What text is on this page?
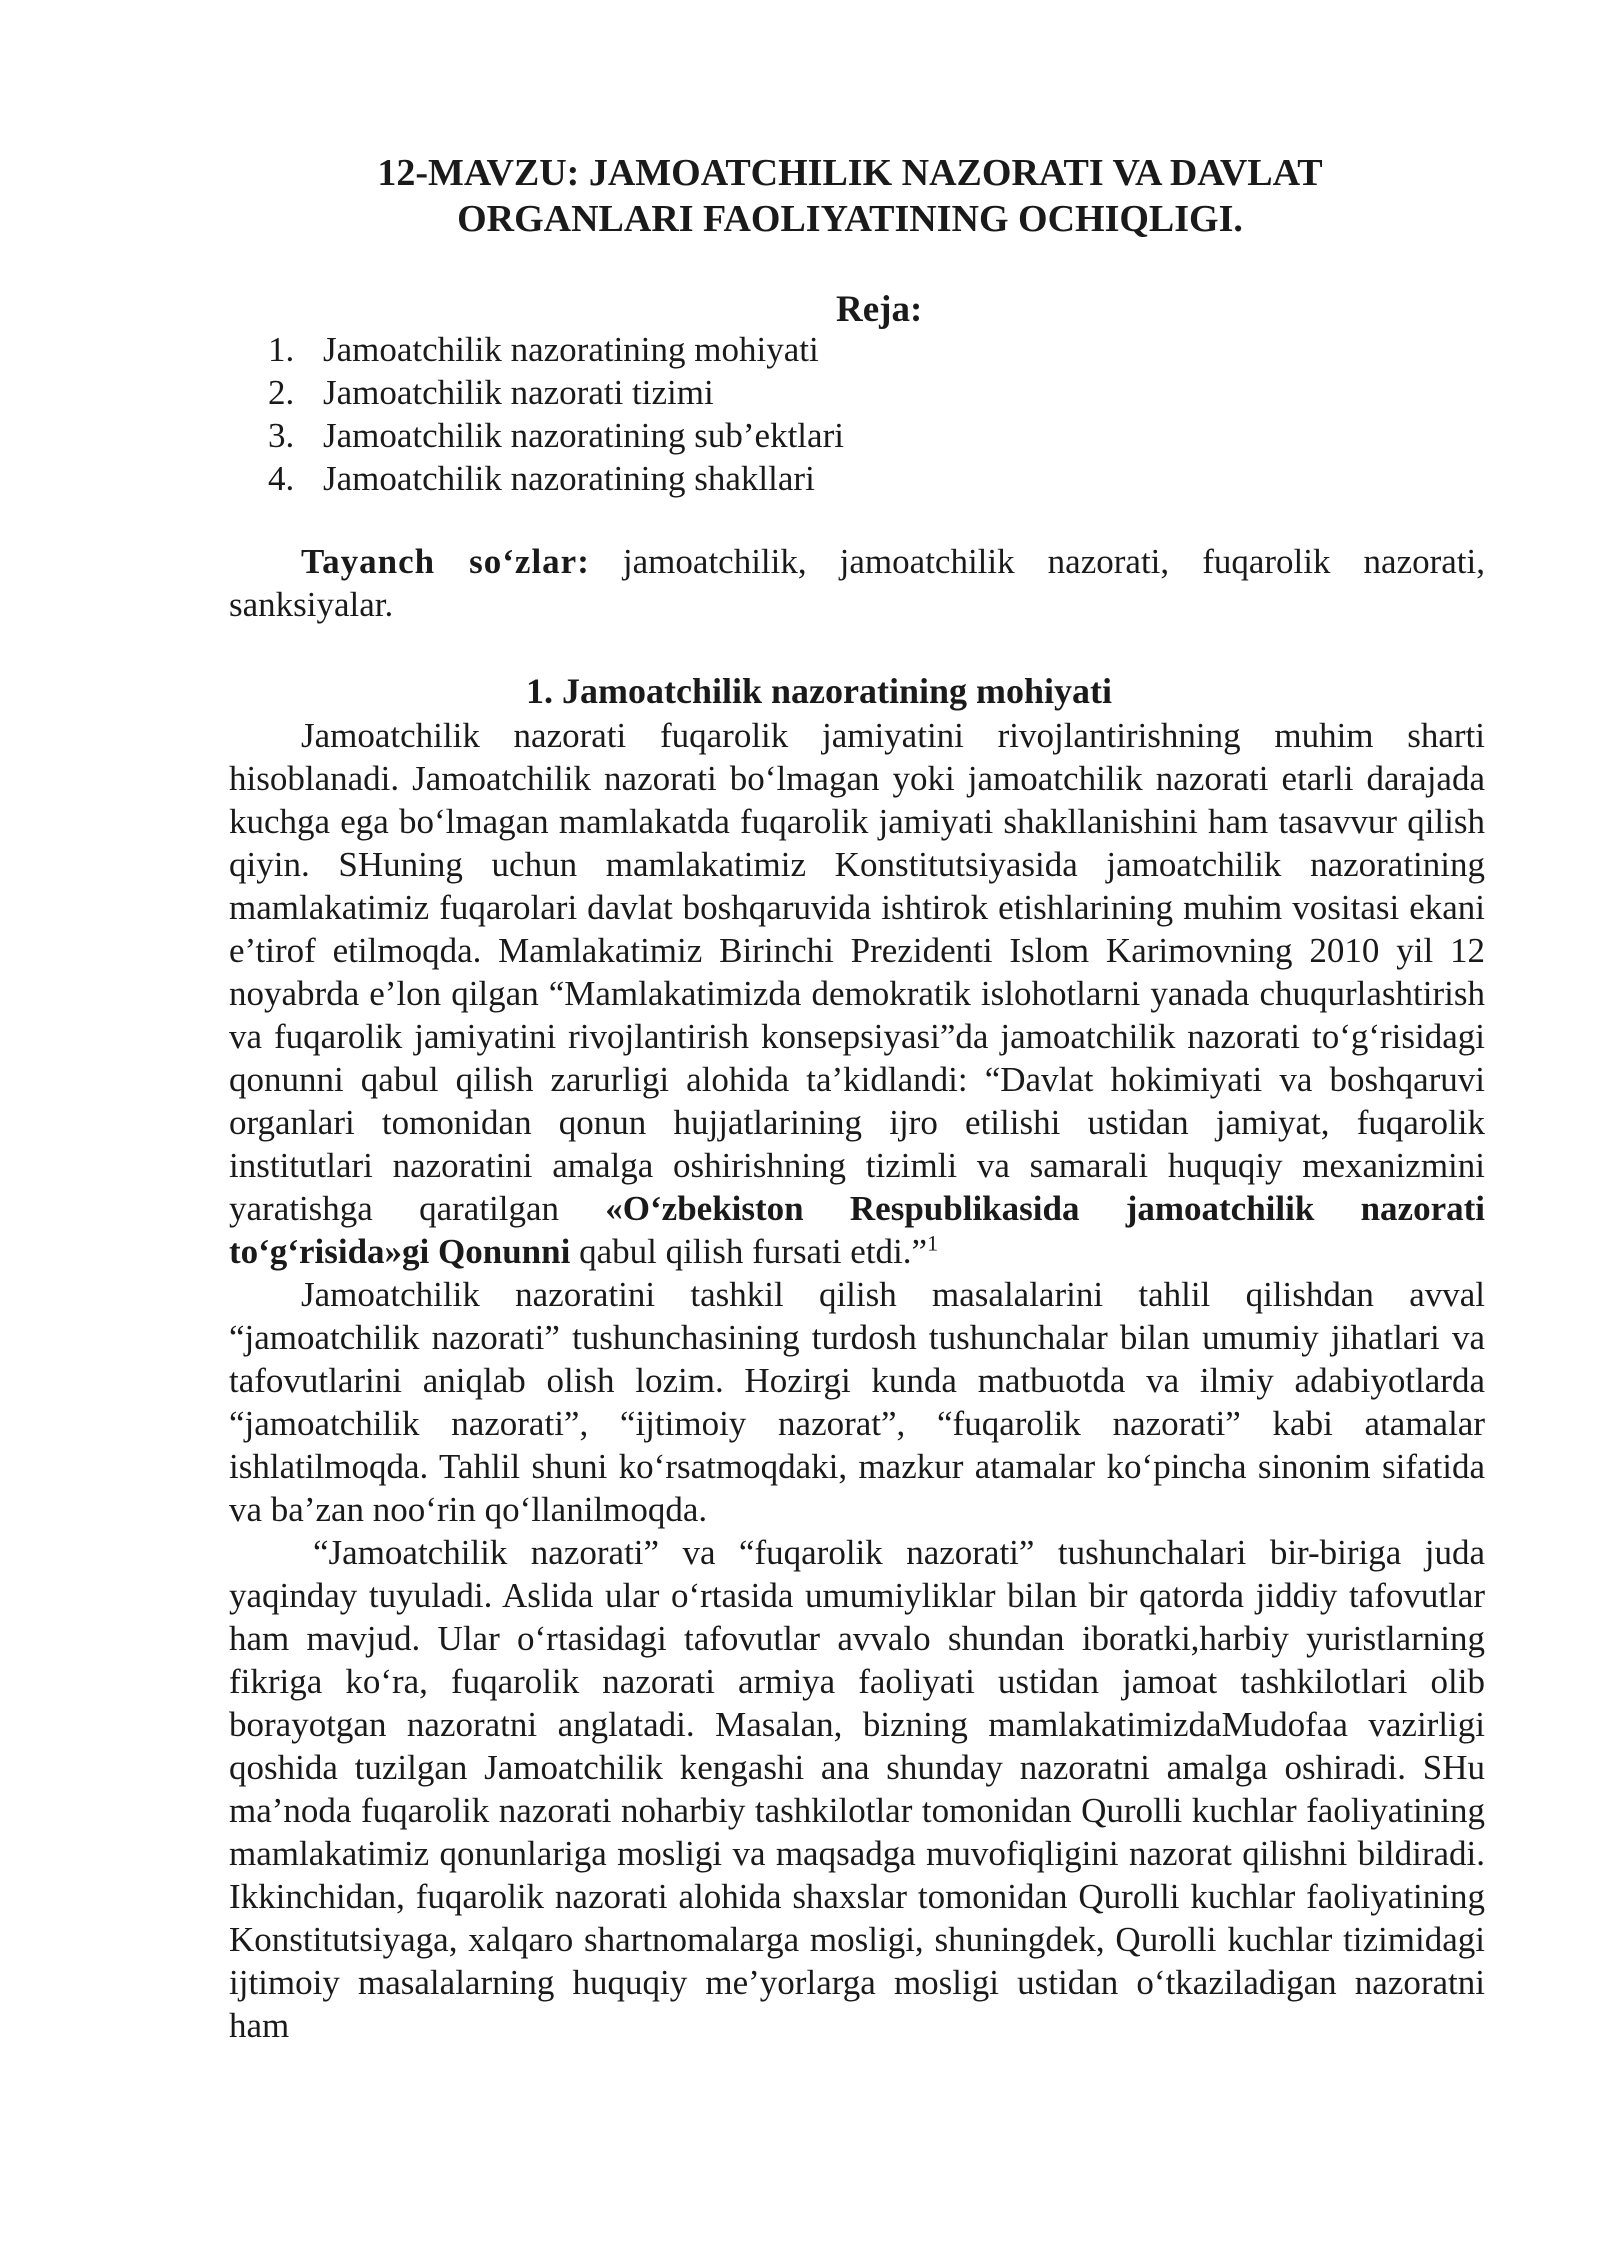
12-MAVZU: JAMOATCHILIK NAZORATI VA DAVLAT
ORGANLARI FAOLIYATINING OCHIQLIGI.
Reja:
1. Jamoatchilik nazoratining mohiyati
2. Jamoatchilik nazorati tizimi
3. Jamoatchilik nazoratining sub’ektlari
4. Jamoatchilik nazoratining shakllari

Tayanch so‘zlar: jamoatchilik, jamoatchilik nazorati, fuqarolik nazorati, sanksiyalar.

1. Jamoatchilik nazoratining mohiyati

Jamoatchilik nazorati fuqarolik jamiyatini rivojlantirishning muhim sharti hisoblanadi. Jamoatchilik nazorati bo‘lmagan yoki jamoatchilik nazorati etarli darajada kuchga ega bo‘lmagan mamlakatda fuqarolik jamiyati shakllanishini ham tasavvur qilish qiyin. SHuning uchun mamlakatimiz Konstitutsiyasida jamoatchilik nazoratining mamlakatimiz fuqarolari davlat boshqaruvida ishtirok etishlarining muhim vositasi ekani e’tirof etilmoqda. Mamlakatimiz Birinchi Prezidenti Islom Karimovning 2010 yil 12 noyabrda e’lon qilgan “Mamlakatimizda demokratik islohotlarni yanada chuqurlashtirish va fuqarolik jamiyatini rivojlantirish konsepsiyasi”da jamoatchilik nazorati to‘g‘risidagi qonunni qabul qilish zarurligi alohida ta’kidlandi: “Davlat hokimiyati va boshqaruvi organlari tomonidan qonun hujjatlarining ijro etilishi ustidan jamiyat, fuqarolik institutlari nazoratini amalga oshirishning tizimli va samarali huquqiy mexanizmini yaratishga qaratilgan «O‘zbekiston Respublikasida jamoatchilik nazorati to‘g‘risida»gi Qonunni qabul qilish fursati etdi.”$^1$

Jamoatchilik nazoratini tashkil qilish masalalarini tahlil qilishdan avval “jamoatchilik nazorati” tushunchasining turdosh tushunchalar bilan umumiy jihatlari va tafovutlarini aniqlab olish lozim. Hozirgi kunda matbuotda va ilmiy adabiyotlarda “jamoatchilik nazorati”, “ijtimoiy nazorat”, “fuqarolik nazorati” kabi atamalar ishlatilmoqda. Tahlil shuni ko‘rsatmoqdaki, mazkur atamalar ko‘pincha sinonim sifatida va ba’zan noo‘rin qo‘llanilmoqda.

“Jamoatchilik nazorati” va “fuqarolik nazorati” tushunchalari bir-biriga juda yaqinday tuyuladi. Aslida ular o‘rtasida umumiyliklar bilan bir qatorda jiddiy tafovutlar ham mavjud. Ular o‘rtasidagi tafovutlar avvalo shundan iboratki,harbiy yuristlarning fikriga ko‘ra, fuqarolik nazorati armiya faoliyati ustidan jamoat tashkilotlari olib borayotgan nazoratni anglatadi. Masalan, bizning mamlakatimizdaMudofaa vazirligi qoshida tuzilgan Jamoatchilik kengashi ana shunday nazoratni amalga oshiradi. SHu ma’noda fuqarolik nazorati noharbiy tashkilotlar tomonidan Qurolli kuchlar faoliyatining mamlakatimiz qonunlariga mosligi va maqsadga muvofiqligini nazorat qilishni bildiradi. Ikkinchidan, fuqarolik nazorati alohida shaxslar tomonidan Qurolli kuchlar faoliyatining Konstitutsiyaga, xalqaro shartnomalarga mosligi, shuningdek, Qurolli kuchlar tizimidagi ijtimoiy masalalarning huquqiy me’yorlarga mosligi ustidan o‘tkaziladigan nazoratni ham
